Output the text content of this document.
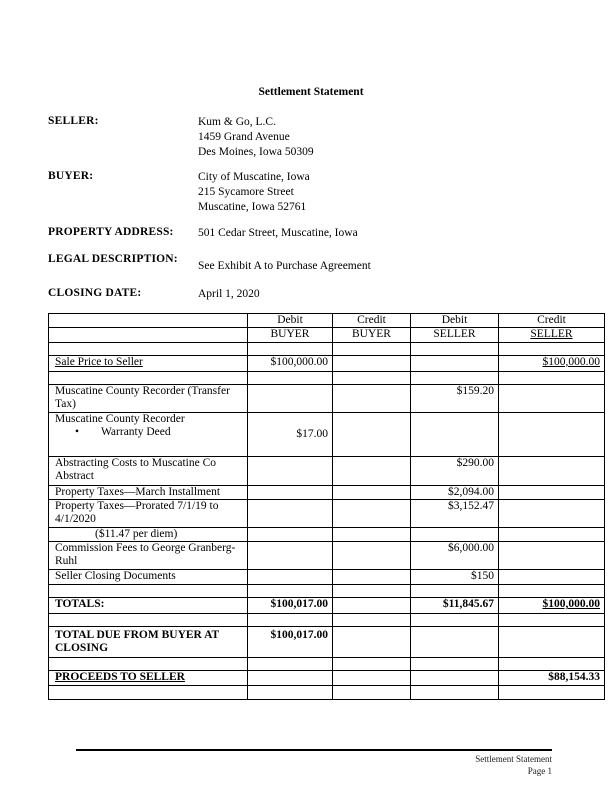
Settlement Statement
SELLER:	Kum & Go, L.C.
1459 Grand Avenue
Des Moines, Iowa 50309
BUYER:	City of Muscatine, Iowa
215 Sycamore Street
Muscatine, Iowa 52761
PROPERTY ADDRESS: 501 Cedar Street, Muscatine, Iowa
LEGAL DESCRIPTION:
See Exhibit A to Purchase Agreement
CLOSING DATE:	April 1, 2020
	Debit	Credit	Debit	Credit
	BUYER	BUYER	SELLER	SELLER

Sale Price to Seller	$100,000.00			$100,000.00

Muscatine County Recorder (Transfer Tax)			$159.20	

Muscatine County Recorder
• Warranty Deed	$17.00			
Abstracting Costs to Muscatine Co Abstract			$290.00	
Property Taxes—March Installment			$2,094.00	
Property Taxes—Prorated 7/1/19 to 4/1/2020			$3,152.47	
($11.47 per diem)				
Commission Fees to George Granberg-Ruhl			$6,000.00	
Seller Closing Documents			$150	

TOTALS:	$100,017.00		$11,845.67	$100,000.00

TOTAL DUE FROM BUYER AT CLOSING	$100,017.00			

PROCEEDS TO SELLER				$88,154.33

Settlement Statement
Page 1
